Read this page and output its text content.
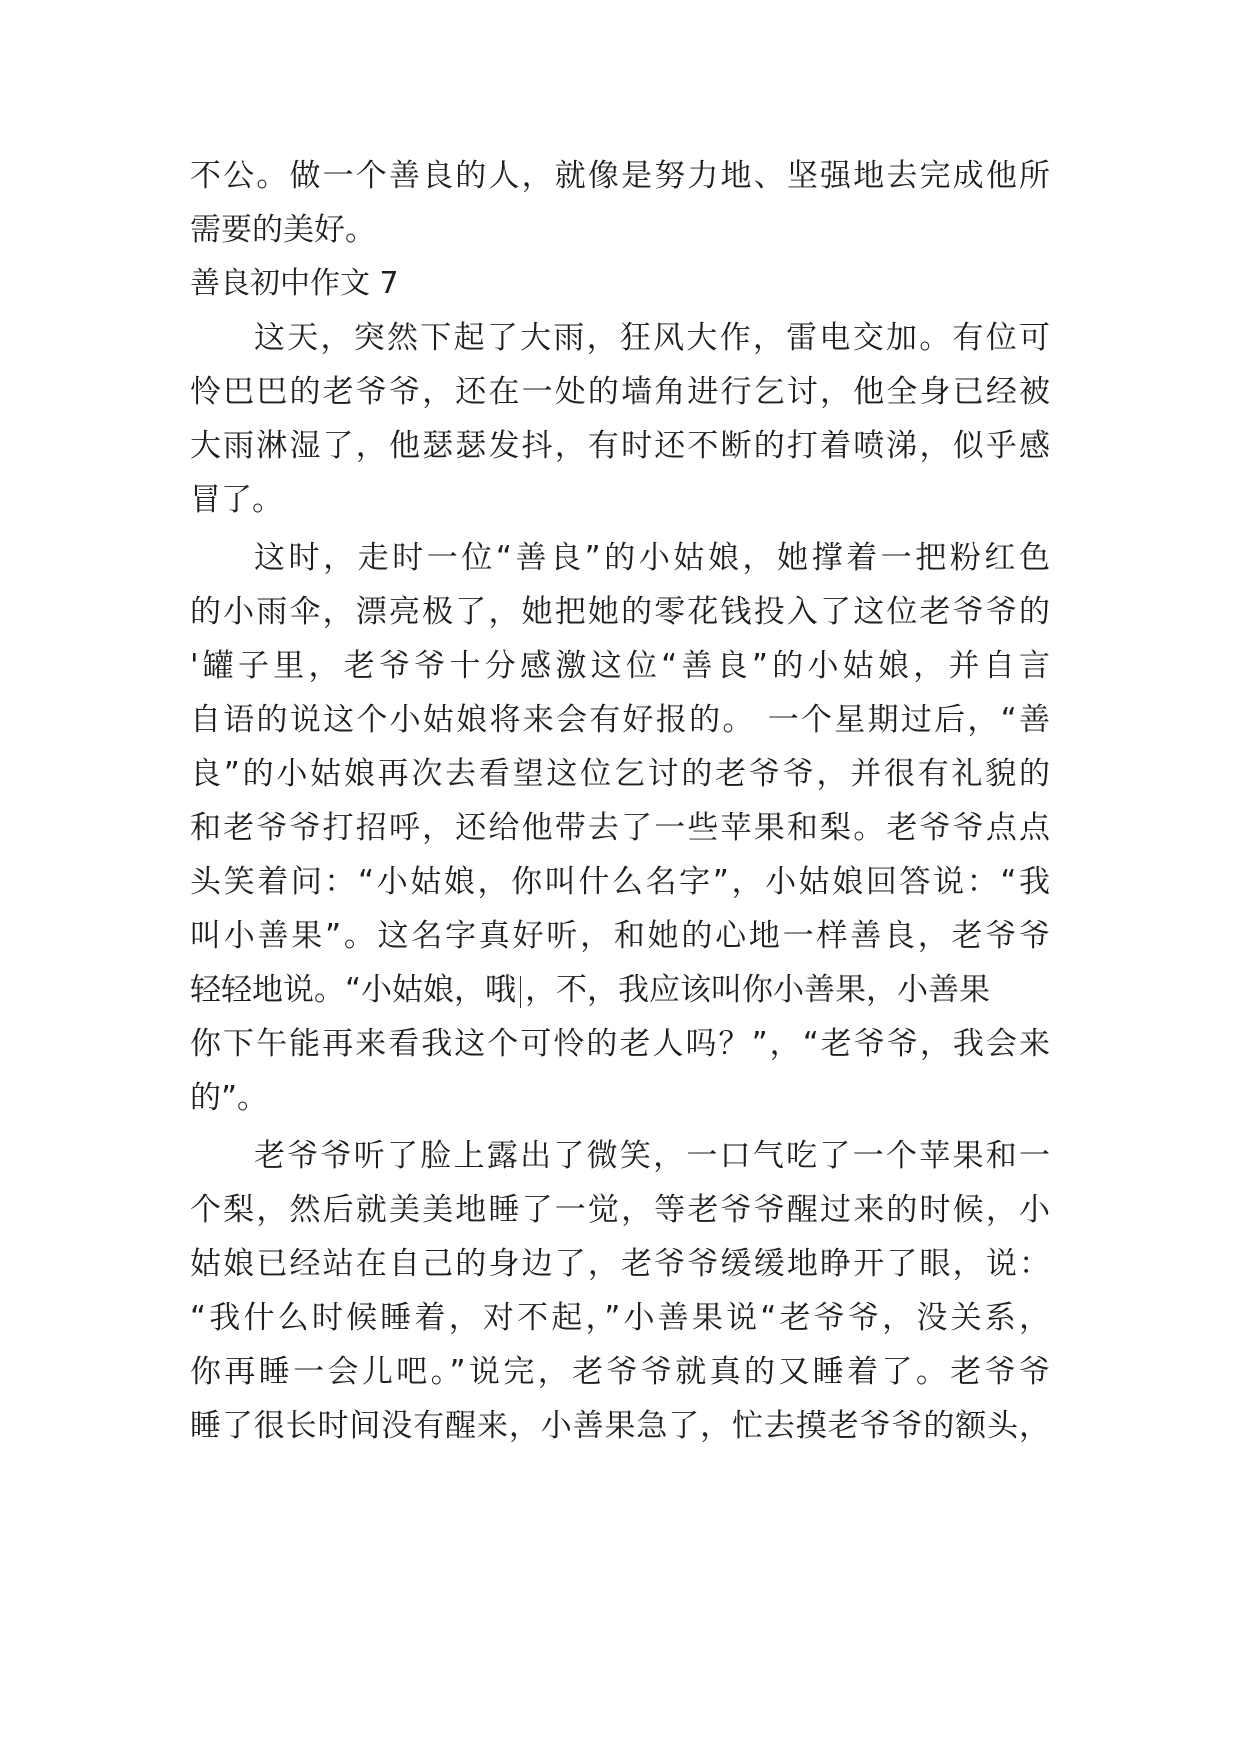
不公。做一个善良的人，就像是努力地、坚强地去完成他所
需要的美好。
善良初中作文 7
这天，突然下起了大雨，狂风大作，雷电交加。有位可
怜巴巴的老爷爷，还在一处的墙角进行乞讨，他全身已经被
大雨淋湿了，他瑟瑟发抖，有时还不断的打着喷涕，似乎感
冒了。
这时，走时一位“善良”的小姑娘，她撑着一把粉红色
的小雨伞，漂亮极了，她把她的零花钱投入了这位老爷爷的
'罐子里，老爷爷十分感激这位“善良”的小姑娘，并自言
自语的说这个小姑娘将来会有好报的。 一个星期过后，“善
良”的小姑娘再次去看望这位乞讨的老爷爷，并很有礼貌的
和老爷爷打招呼，还给他带去了一些苹果和梨。老爷爷点点
头笑着问：“小姑娘，你叫什么名字”，小姑娘回答说：“我
叫小善果”。这名字真好听，和她的心地一样善良，老爷爷
轻轻地说。“小姑娘，哦 ，不，我应该叫你小善果，小善果
你下午能再来看我这个可怜的老人吗？”，“老爷爷，我会来
的”。
老爷爷听了脸上露出了微笑，一口气吃了一个苹果和一
个梨，然后就美美地睡了一觉，等老爷爷醒过来的时候，小
姑娘已经站在自己的身边了，老爷爷缓缓地睁开了眼，说：
“我什么时候睡着，对不起，”小善果说“老爷爷，没关系，
你再睡一会儿吧。”说完，老爷爷就真的又睡着了。老爷爷
睡了很长时间没有醒来，小善果急了，忙去摸老爷爷的额头，
